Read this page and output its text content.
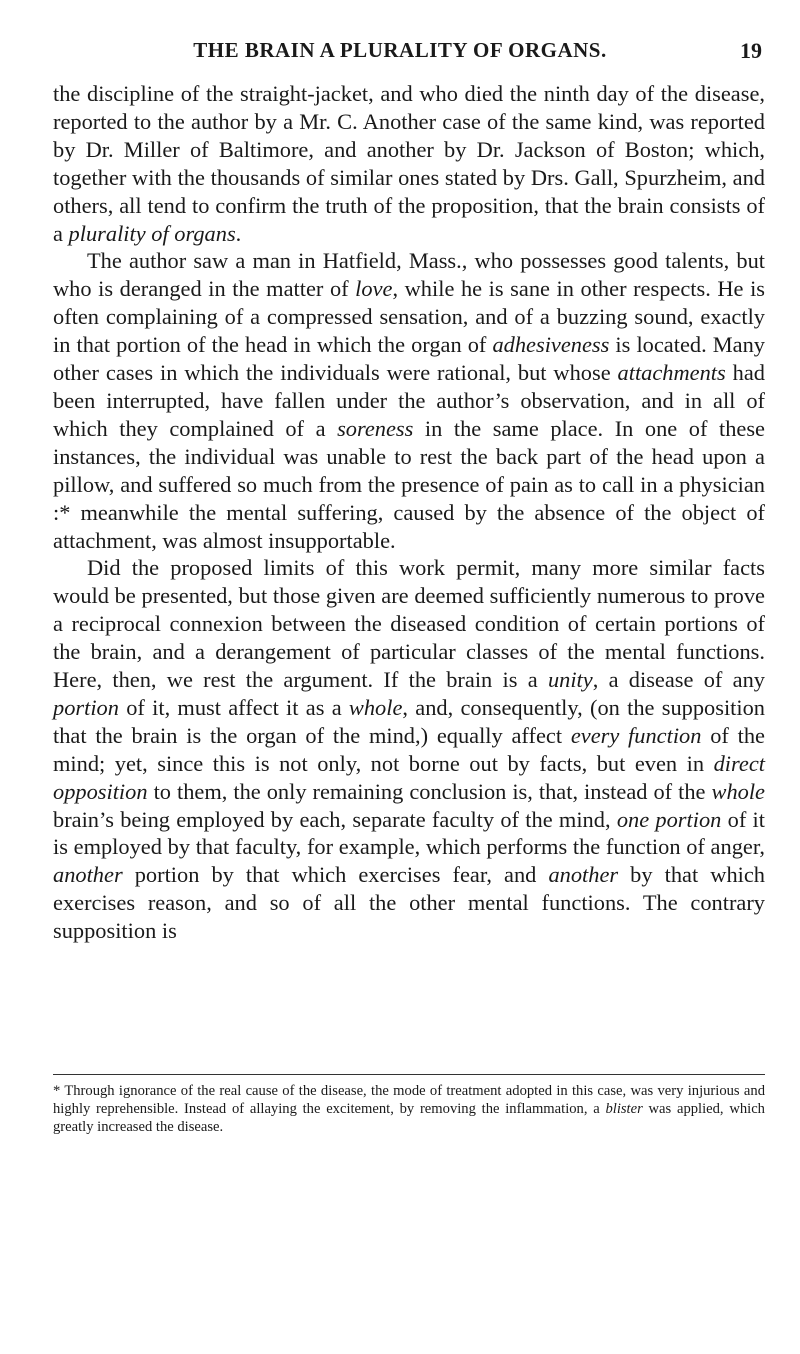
THE BRAIN A PLURALITY OF ORGANS.	19

the discipline of the straight-jacket, and who died the ninth day of the disease, reported to the author by a Mr. C. Another case of the same kind, was reported by Dr. Miller of Baltimore, and another by Dr. Jackson of Boston; which, together with the thousands of similar ones stated by Drs. Gall, Spurzheim, and others, all tend to confirm the truth of the proposition, that the brain consists of a plurality of organs.

The author saw a man in Hatfield, Mass., who possesses good talents, but who is deranged in the matter of love, while he is sane in other respects. He is often complaining of a compressed sensation, and of a buzzing sound, exactly in that portion of the head in which the organ of adhesiveness is located. Many other cases in which the individuals were rational, but whose attachments had been interrupted, have fallen under the author’s observation, and in all of which they complained of a soreness in the same place. In one of these instances, the individual was unable to rest the back part of the head upon a pillow, and suffered so much from the presence of pain as to call in a physician :* meanwhile the mental suffering, caused by the absence of the object of attachment, was almost insupportable.

Did the proposed limits of this work permit, many more similar facts would be presented, but those given are deemed sufficiently numerous to prove a reciprocal connexion between the diseased condition of certain portions of the brain, and a derangement of particular classes of the mental functions. Here, then, we rest the argument. If the brain is a unity, a disease of any portion of it, must affect it as a whole, and, consequently, (on the supposition that the brain is the organ of the mind,) equally affect every function of the mind; yet, since this is not only, not borne out by facts, but even in direct opposition to them, the only remaining conclusion is, that, instead of the whole brain’s being employed by each, separate faculty of the mind, one portion of it is employed by that faculty, for example, which performs the function of anger, another portion by that which exercises fear, and another by that which exercises reason, and so of all the other mental functions. The contrary supposition is

* Through ignorance of the real cause of the disease, the mode of treatment adopted in this case, was very injurious and highly reprehensible. Instead of allaying the excitement, by removing the inflammation, a blister was applied, which greatly increased the disease.
